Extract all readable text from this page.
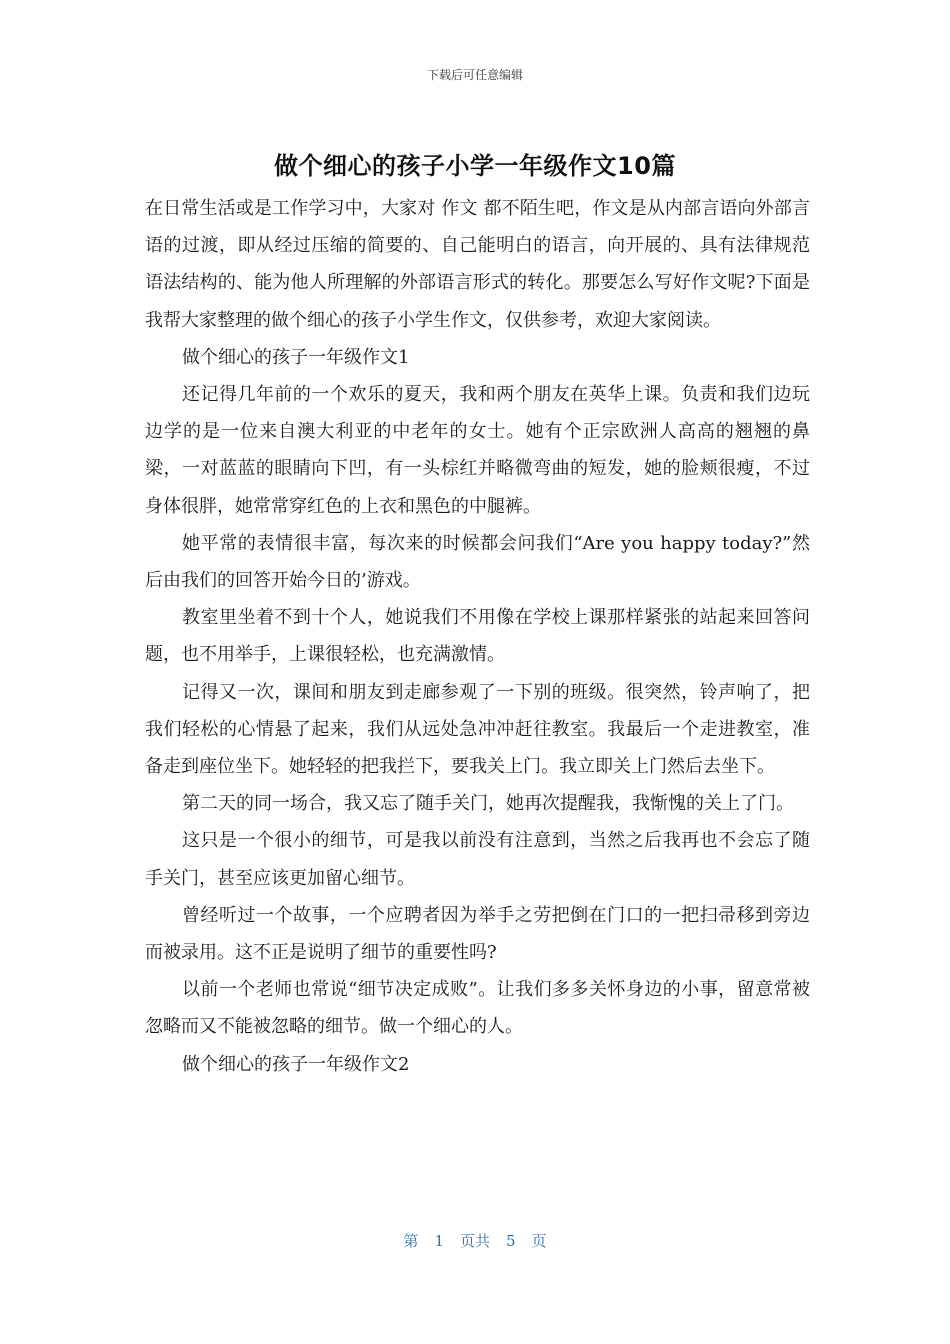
下载后可任意编辑
做个细心的孩子小学一年级作文10篇

在日常生活或是工作学习中，大家对 作文 都不陌生吧，作文是从内部言语向外部言语的过渡，即从经过压缩的简要的、自己能明白的语言，向开展的、具有法律规范语法结构的、能为他人所理解的外部语言形式的转化。那要怎么写好作文呢?下面是我帮大家整理的做个细心的孩子小学生作文，仅供参考，欢迎大家阅读。

做个细心的孩子一年级作文1

还记得几年前的一个欢乐的夏天，我和两个朋友在英华上课。负责和我们边玩边学的是一位来自澳大利亚的中老年的女士。她有个正宗欧洲人高高的翘翘的鼻梁，一对蓝蓝的眼睛向下凹，有一头棕红并略微弯曲的短发，她的脸颊很瘦，不过身体很胖，她常常穿红色的上衣和黑色的中腿裤。

她平常的表情很丰富，每次来的时候都会问我们“Are you happy today?”然后由我们的回答开始今日的’游戏。

教室里坐着不到十个人，她说我们不用像在学校上课那样紧张的站起来回答问题，也不用举手，上课很轻松，也充满激情。

记得又一次，课间和朋友到走廊参观了一下别的班级。很突然，铃声响了，把我们轻松的心情悬了起来，我们从远处急冲冲赶往教室。我最后一个走进教室，准备走到座位坐下。她轻轻的把我拦下，要我关上门。我立即关上门然后去坐下。

第二天的同一场合，我又忘了随手关门，她再次提醒我，我惭愧的关上了门。

这只是一个很小的细节，可是我以前没有注意到，当然之后我再也不会忘了随手关门，甚至应该更加留心细节。

曾经听过一个故事，一个应聘者因为举手之劳把倒在门口的一把扫帚移到旁边而被录用。这不正是说明了细节的重要性吗?

以前一个老师也常说“细节决定成败”。让我们多多关怀身边的小事，留意常被忽略而又不能被忽略的细节。做一个细心的人。

做个细心的孩子一年级作文2

第 1 页共 5 页
